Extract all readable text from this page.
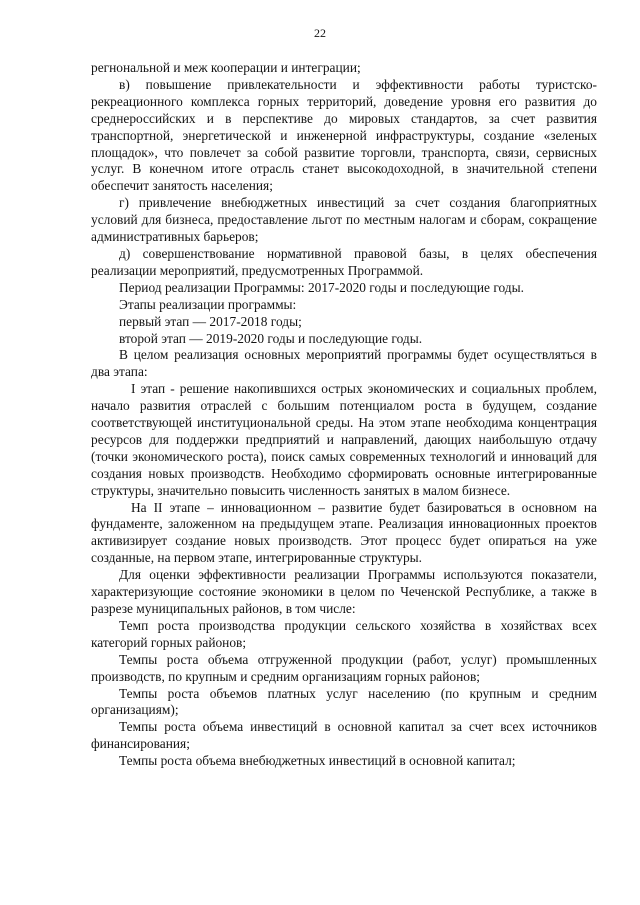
22

регнональной и меж кооперации и интеграции;

в) повышение привлекательности и эффективности работы туристско-рекреационного комплекса горных территорий, доведение уровня его развития до среднероссийских и в перспективе до мировых стандартов, за счет развития транспортной, энергетической и инженерной инфраструктуры, создание «зеленых площадок», что повлечет за собой развитие торговли, транспорта, связи, сервисных услуг. В конечном итоге отрасль станет высокодоходной, в значительной степени обеспечит занятость населения;

г) привлечение внебюджетных инвестиций за счет создания благоприятных условий для бизнеса, предоставление льгот по местным налогам и сборам, сокращение административных барьеров;

д) совершенствование нормативной правовой базы, в целях обеспечения реализации мероприятий, предусмотренных Программой.

Период реализации Программы: 2017-2020 годы и последующие годы.

Этапы реализации программы:

первый этап — 2017-2018 годы;

второй этап — 2019-2020 годы и последующие годы.

В целом реализация основных мероприятий программы будет осуществляться в два этапа:

I этап - решение накопившихся острых экономических и социальных проблем, начало развития отраслей с большим потенциалом роста в будущем, создание соответствующей институциональной среды. На этом этапе необходима концентрация ресурсов для поддержки предприятий и направлений, дающих наибольшую отдачу (точки экономического роста), поиск самых современных технологий и инноваций для создания новых производств. Необходимо сформировать основные интегрированные структуры, значительно повысить численность занятых в малом бизнесе.

На II этапе – инновационном – развитие будет базироваться в основном на фундаменте, заложенном на предыдущем этапе. Реализация инновационных проектов активизирует создание новых производств. Этот процесс будет опираться на уже созданные, на первом этапе, интегрированные структуры.

Для оценки эффективности реализации Программы используются показатели, характеризующие состояние экономики в целом по Чеченской Республике, а также в разрезе муниципальных районов, в том числе:

Темп роста производства продукции сельского хозяйства в хозяйствах всех категорий горных районов;

Темпы роста объема отгруженной продукции (работ, услуг) промышленных производств, по крупным и средним организациям горных районов;

Темпы роста объемов платных услуг населению (по крупным и средним организациям);

Темпы роста объема инвестиций в основной капитал за счет всех источников финансирования;

Темпы роста объема внебюджетных инвестиций в основной капитал;
